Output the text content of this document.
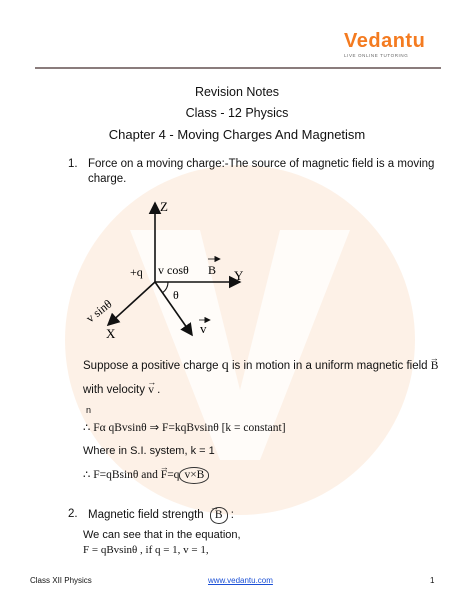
Vedantu
LIVE ONLINE TUTORING
Revision Notes
Class - 12 Physics
Chapter 4 - Moving Charges And Magnetism
1. Force on a moving charge:-The source of magnetic field is a moving
charge.
Z
Y
X
+q v cosθ B
θ
v sinθ
v
Suppose a positive charge q is in motion in a uniform magnetic field → B
with velocity → v .
n
∴ Fα qBvsinθ ⇒ F=kqBvsinθ [k = constant]
Where in S.I. system, k = 1
∴ F=qBsinθ and → F=q v×B
2. Magnetic field strength → B :
We can see that in the equation,
F = qBvsinθ , if q = 1, v = 1,
Class XII Physics	www.vedantu.com	1
